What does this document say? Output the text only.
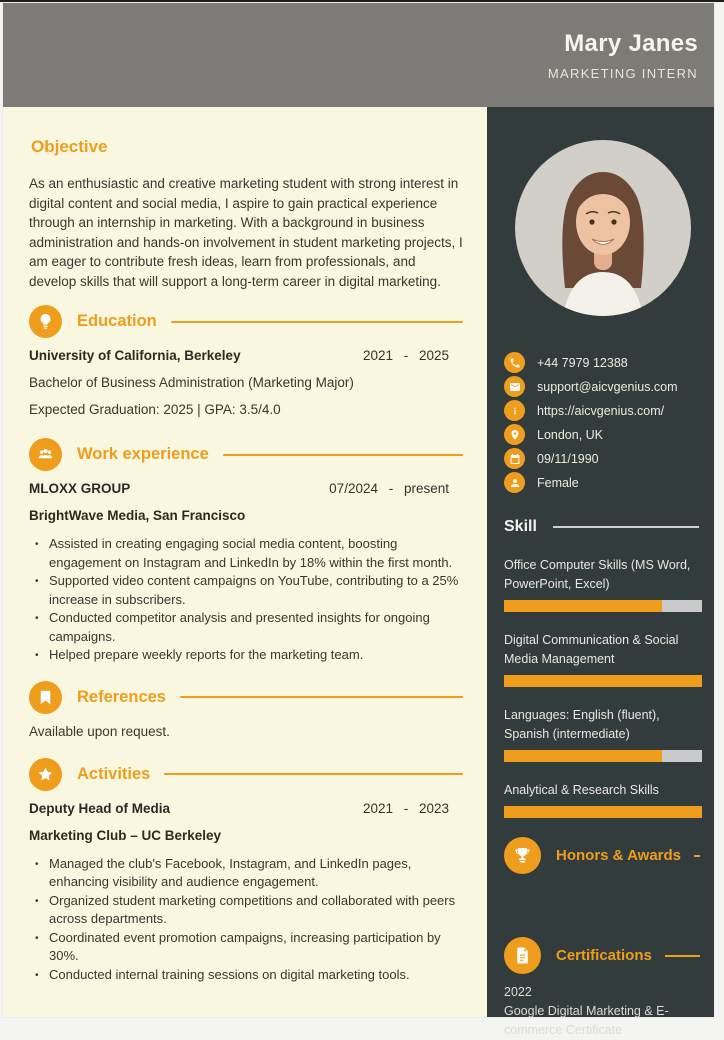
Mary Janes
MARKETING INTERN
Objective
As an enthusiastic and creative marketing student with strong interest in digital content and social media, I aspire to gain practical experience through an internship in marketing. With a background in business administration and hands-on involvement in student marketing projects, I am eager to contribute fresh ideas, learn from professionals, and develop skills that will support a long-term career in digital marketing.
Education
University of California, Berkeley	2021 - 2025
Bachelor of Business Administration (Marketing Major)
Expected Graduation: 2025 | GPA: 3.5/4.0
Work experience
MLOXX GROUP	07/2024 - present
BrightWave Media, San Francisco
• Assisted in creating engaging social media content, boosting engagement on Instagram and LinkedIn by 18% within the first month.
• Supported video content campaigns on YouTube, contributing to a 25% increase in subscribers.
• Conducted competitor analysis and presented insights for ongoing campaigns.
• Helped prepare weekly reports for the marketing team.
References
Available upon request.
Activities
Deputy Head of Media	2021 - 2023
Marketing Club – UC Berkeley
• Managed the club's Facebook, Instagram, and LinkedIn pages, enhancing visibility and audience engagement.
• Organized student marketing competitions and collaborated with peers across departments.
• Coordinated event promotion campaigns, increasing participation by 30%.
• Conducted internal training sessions on digital marketing tools.
+44 7979 12388
support@aicvgenius.com
https://aicvgenius.com/
London, UK
09/11/1990
Female
Skill
Office Computer Skills (MS Word, PowerPoint, Excel)
Digital Communication & Social Media Management
Languages: English (fluent), Spanish (intermediate)
Analytical & Research Skills
Honors & Awards
Certifications
2022
Google Digital Marketing & E-commerce Certificate
